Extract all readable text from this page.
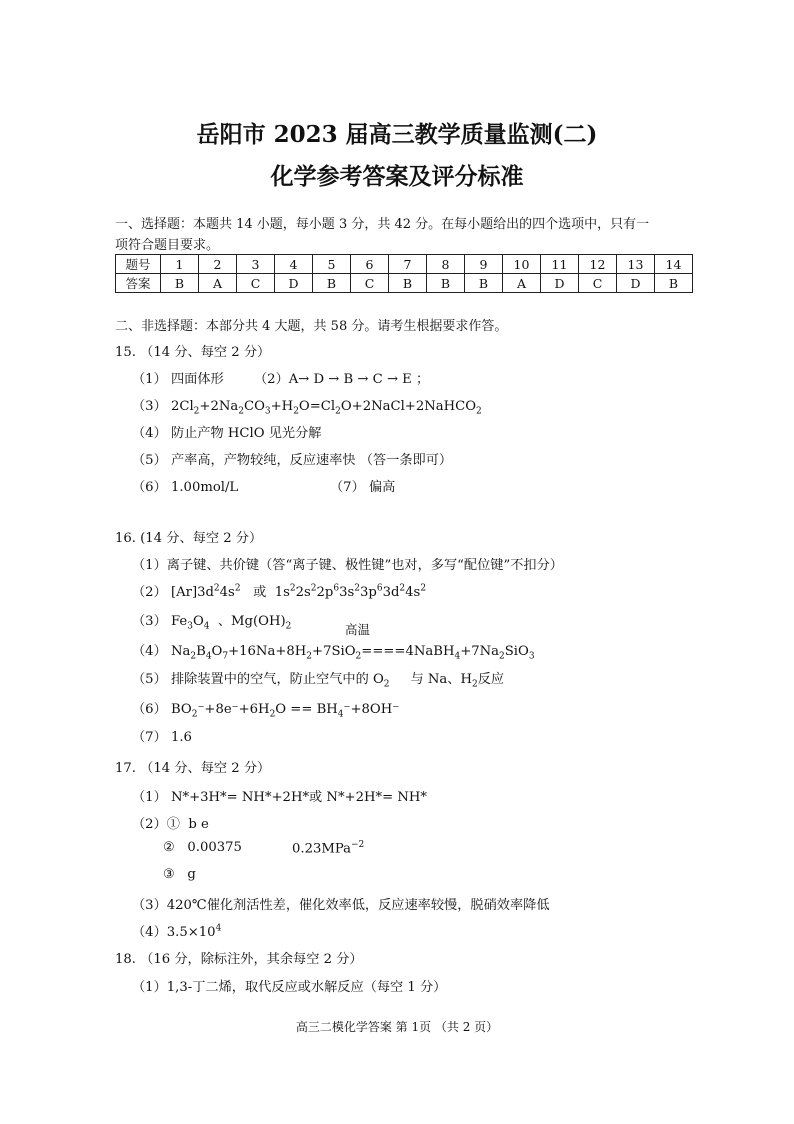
岳阳市 2023 届高三教学质量监测(二)
化学参考答案及评分标准
一、选择题：本题共 14 小题，每小题 3 分，共 42 分。在每小题给出的四个选项中，只有一
项符合题目要求。
题号	1	2	3	4	5	6	7	8	9	10	11	12	13	14
答案	B	A	C	D	B	C	B	B	B	A	D	C	D	B
二、非选择题：本部分共 4 大题，共 58 分。请考生根据要求作答。
15. （14 分、每空 2 分）
（1） 四面体形 （2）A→ D → B → C → E ；
（3） $2Cl_2+2Na_2CO_3+H_2O=Cl_2O+2NaCl+2NaHCO_2$
（4） 防止产物 HClO 见光分解
（5） 产率高，产物较纯，反应速率快 （答一条即可）
（6） 1.00mol/L	（7） 偏高
16. (14 分、每空 2 分）
（1）离子键、共价键（答“离子键、极性键”也对，多写“配位键”不扣分）
（2） $[Ar]3d^24s^2$   或  $1s^22s^22p^63s^23p^63d^24s^2$
（3） $Fe_3O_4$  、$Mg(OH)_2$	高温
（4） $Na_2B_4O_7+16Na+8H_2+7SiO_2====4NaBH_4+7Na_2SiO_3$
（5） 排除装置中的空气，防止空气中的 $O_2$ 与 Na、$H_2$反应
（6） $BO_2^-+8e^-+6H_2O == BH_4^-+8OH^-$
（7） 1.6
17. （14 分、每空 2 分）
（1） N*+3H*= NH*+2H*或 N*+2H*= NH*
（2）① b e
② 0.00375	0.23MPa$^{-2}$
③ g
（3）420℃催化剂活性差，催化效率低，反应速率较慢，脱硝效率降低
$(4)3.5\times 10^4$
18. （16 分，除标注外，其余每空 2 分）
（1）1,3-丁二烯，取代反应或水解反应（每空 1 分）
高三二模化学答案 第 1页 （共 2 页）
